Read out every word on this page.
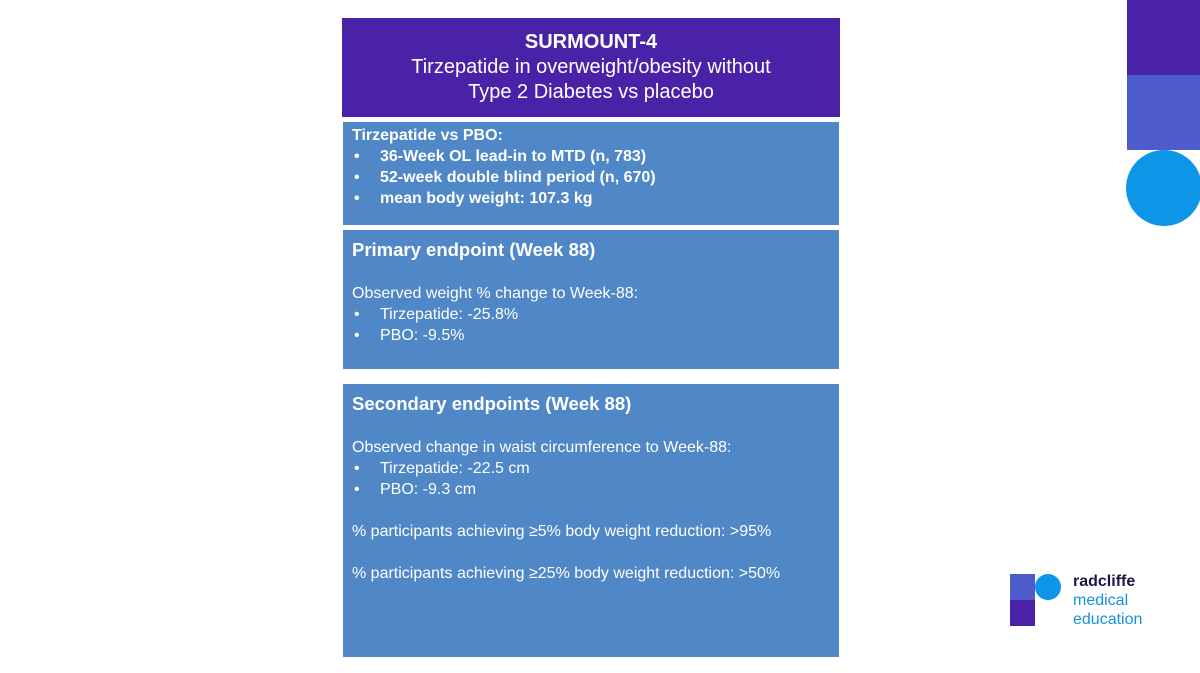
SURMOUNT-4
Tirzepatide in overweight/obesity without
Type 2 Diabetes vs placebo
Tirzepatide vs PBO:
• 36-Week OL lead-in to MTD (n, 783)
• 52-week double blind period (n, 670)
• mean body weight: 107.3 kg
Primary endpoint (Week 88)

Observed weight % change to Week-88:

• Tirzepatide: -25.8%
• PBO: -9.5%
Secondary endpoints (Week 88)

Observed change in waist circumference to Week-88:

• Tirzepatide: -22.5 cm
• PBO: -9.3 cm

% participants achieving ≥5% body weight reduction: >95%

% participants achieving ≥25% body weight reduction: >50%	radcliffe
medical
education
